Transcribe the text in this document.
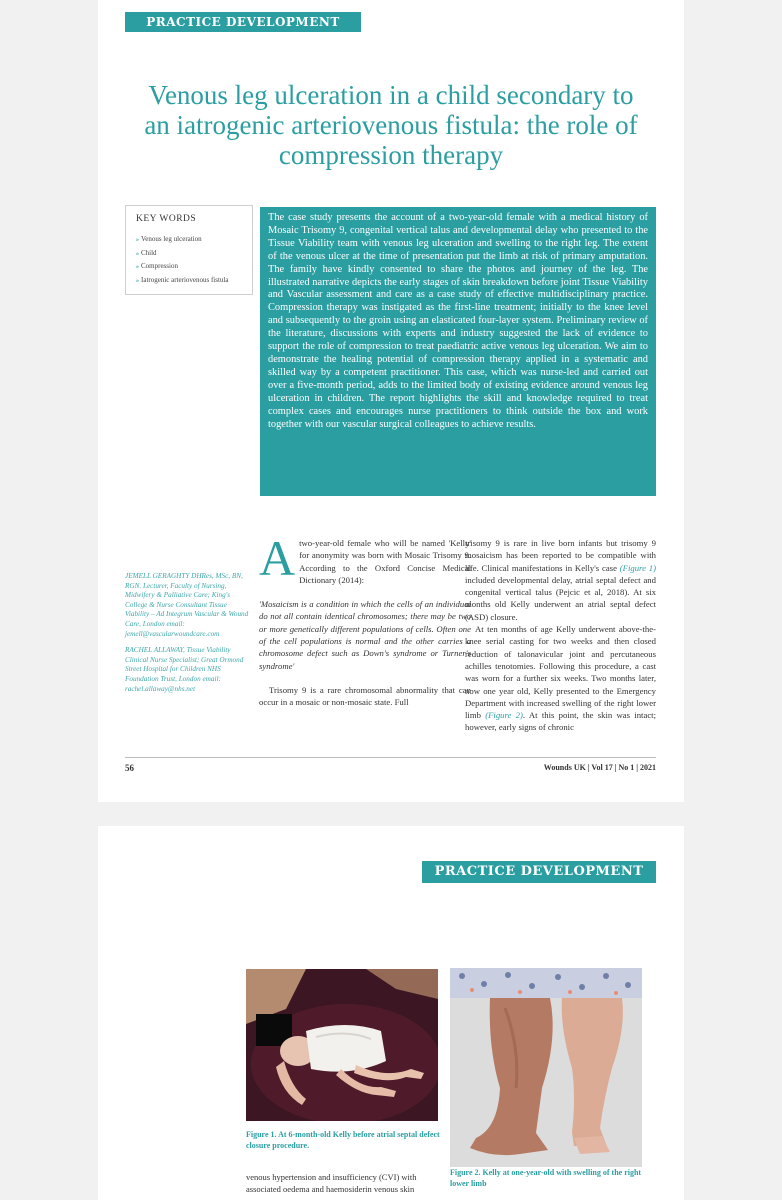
PRACTICE DEVELOPMENT
Venous leg ulceration in a child secondary to an iatrogenic arteriovenous fistula: the role of compression therapy
KEY WORDS
» Venous leg ulceration
» Child
» Compression
» Iatrogenic arteriovenous fistula
The case study presents the account of a two-year-old female with a medical history of Mosaic Trisomy 9, congenital vertical talus and developmental delay who presented to the Tissue Viability team with venous leg ulceration and swelling to the right leg. The extent of the venous ulcer at the time of presentation put the limb at risk of primary amputation. The family have kindly consented to share the photos and journey of the leg. The illustrated narrative depicts the early stages of skin breakdown before joint Tissue Viability and Vascular assessment and care as a case study of effective multidisciplinary practice. Compression therapy was instigated as the first-line treatment; initially to the knee level and subsequently to the groin using an elasticated four-layer system. Preliminary review of the literature, discussions with experts and industry suggested the lack of evidence to support the role of compression to treat paediatric active venous leg ulceration. We aim to demonstrate the healing potential of compression therapy applied in a systematic and skilled way by a competent practitioner. This case, which was nurse-led and carried out over a five-month period, adds to the limited body of existing evidence around venous leg ulceration in children. The report highlights the skill and knowledge required to treat complex cases and encourages nurse practitioners to think outside the box and work together with our vascular surgical colleagues to achieve results.

JEMELL GERAGHTY DHRes, MSc, BN, RGN. Lecturer, Faculty of Nursing, Midwifery & Palliative Care; King's College & Nurse Consultant Tissue Viability – Ad Integrum Vascular & Wound Care, London email: jemell@vascularwoundcare.com

RACHEL ALLAWAY, Tissue Viability Clinical Nurse Specialist; Great Ormond Street Hospital for Children NHS Foundation Trust, London email: rachel.allaway@nhs.net

Atwo-year-old female who will be named 'Kelly' for anonymity was born with Mosaic Trisomy 9. According to the Oxford Concise Medical Dictionary (2014):

'Mosaicism is a condition in which the cells of an individual do not all contain identical chromosomes; there may be two or more genetically different populations of cells. Often one of the cell populations is normal and the other carries a chromosome defect such as Down's syndrome or Turner's syndrome'

Trisomy 9 is a rare chromosomal abnormality that can occur in a mosaic or non-mosaic state. Full

trisomy 9 is rare in live born infants but trisomy 9 mosaicism has been reported to be compatible with life. Clinical manifestations in Kelly's case (Figure 1) included developmental delay, atrial septal defect and congenital vertical talus (Pejcic et al, 2018). At six months old Kelly underwent an atrial septal defect (ASD) closure.

At ten months of age Kelly underwent above-the-knee serial casting for two weeks and then closed reduction of talonavicular joint and percutaneous achilles tenotomies. Following this procedure, a cast was worn for a further six weeks. Two months later, now one year old, Kelly presented to the Emergency Department with increased swelling of the right lower limb (Figure 2). At this point, the skin was intact; however, early signs of chronic

56	Wounds UK | Vol 17 | No 1 | 2021
PRACTICE DEVELOPMENT
Figure 1. At 6-month-old Kelly before atrial septal defect closure procedure.
Figure 2. Kelly at one-year-old with swelling of the right lower limb
venous hypertension and insufficiency (CVI) with associated oedema and haemosiderin venous skin
